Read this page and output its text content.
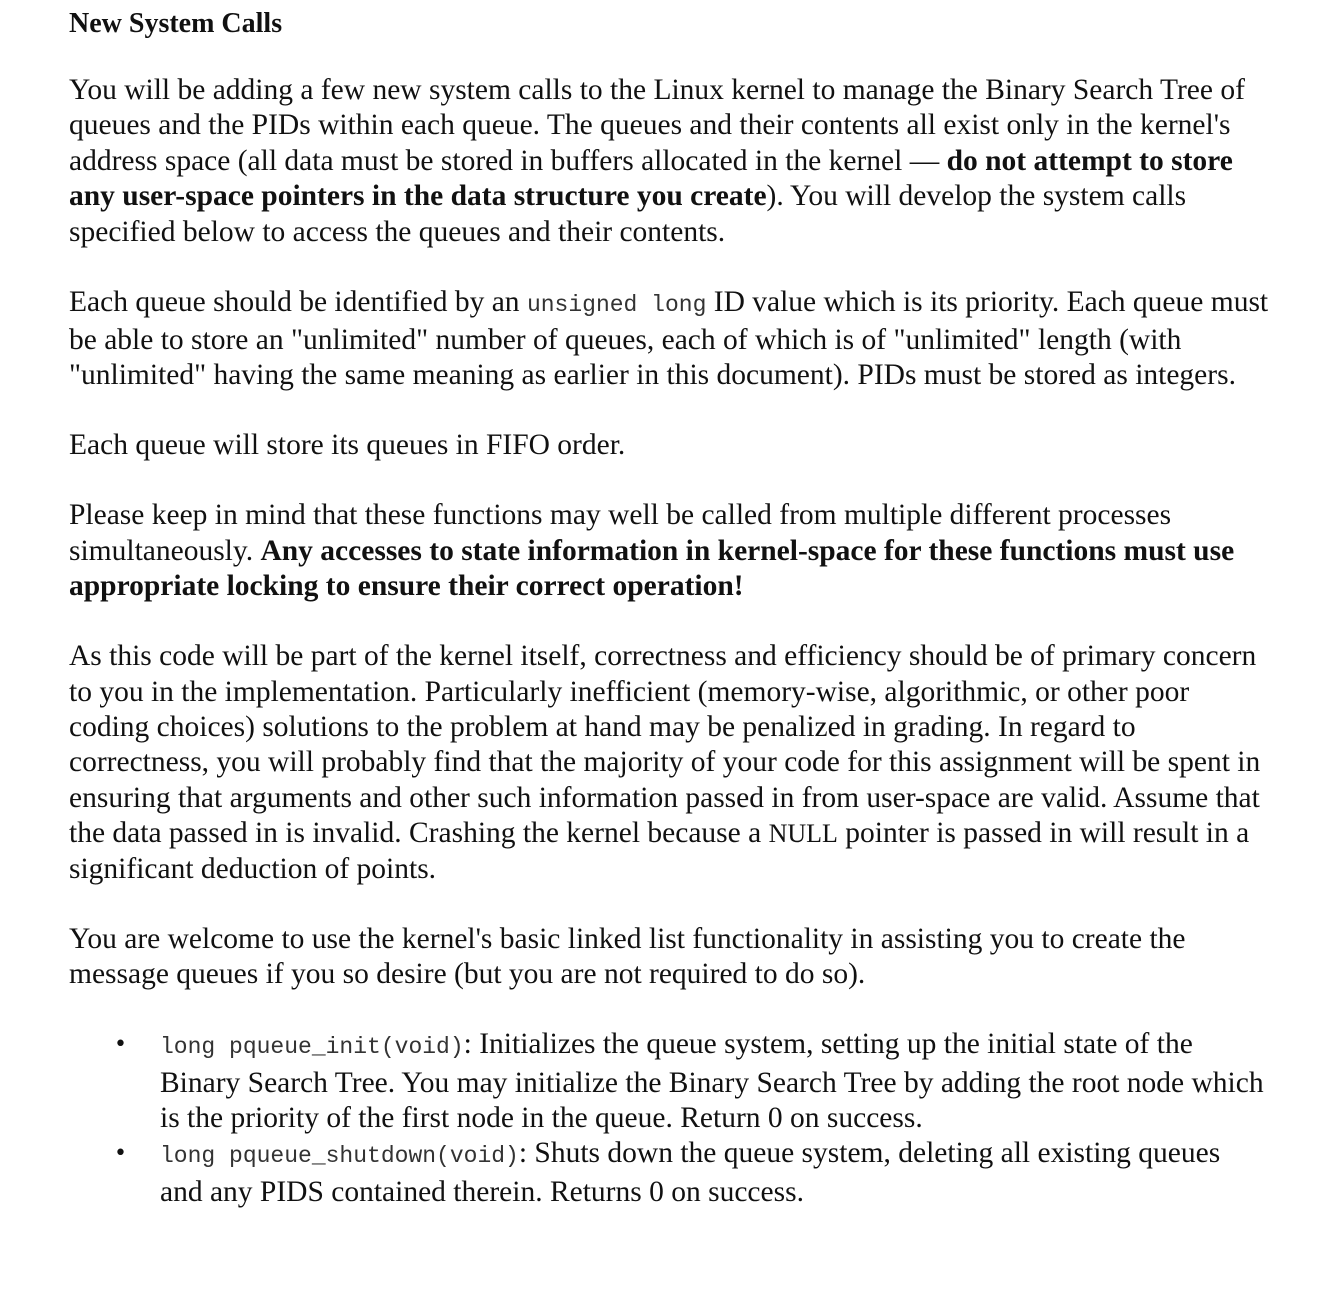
New System Calls

You will be adding a few new system calls to the Linux kernel to manage the Binary Search Tree of queues and the PIDs within each queue. The queues and their contents all exist only in the kernel's address space (all data must be stored in buffers allocated in the kernel — do not attempt to store any user-space pointers in the data structure you create). You will develop the system calls specified below to access the queues and their contents.

Each queue should be identified by an unsigned long ID value which is its priority. Each queue must be able to store an "unlimited" number of queues, each of which is of "unlimited" length (with "unlimited" having the same meaning as earlier in this document). PIDs must be stored as integers.

Each queue will store its queues in FIFO order.

Please keep in mind that these functions may well be called from multiple different processes simultaneously. Any accesses to state information in kernel-space for these functions must use appropriate locking to ensure their correct operation!

As this code will be part of the kernel itself, correctness and efficiency should be of primary concern to you in the implementation. Particularly inefficient (memory-wise, algorithmic, or other poor coding choices) solutions to the problem at hand may be penalized in grading. In regard to correctness, you will probably find that the majority of your code for this assignment will be spent in ensuring that arguments and other such information passed in from user-space are valid. Assume that the data passed in is invalid. Crashing the kernel because a NULL pointer is passed in will result in a significant deduction of points.

You are welcome to use the kernel's basic linked list functionality in assisting you to create the message queues if you so desire (but you are not required to do so).

• long pqueue_init(void): Initializes the queue system, setting up the initial state of the Binary Search Tree. You may initialize the Binary Search Tree by adding the root node which is the priority of the first node in the queue. Return 0 on success.
• long pqueue_shutdown(void): Shuts down the queue system, deleting all existing queues and any PIDS contained therein. Returns 0 on success.
